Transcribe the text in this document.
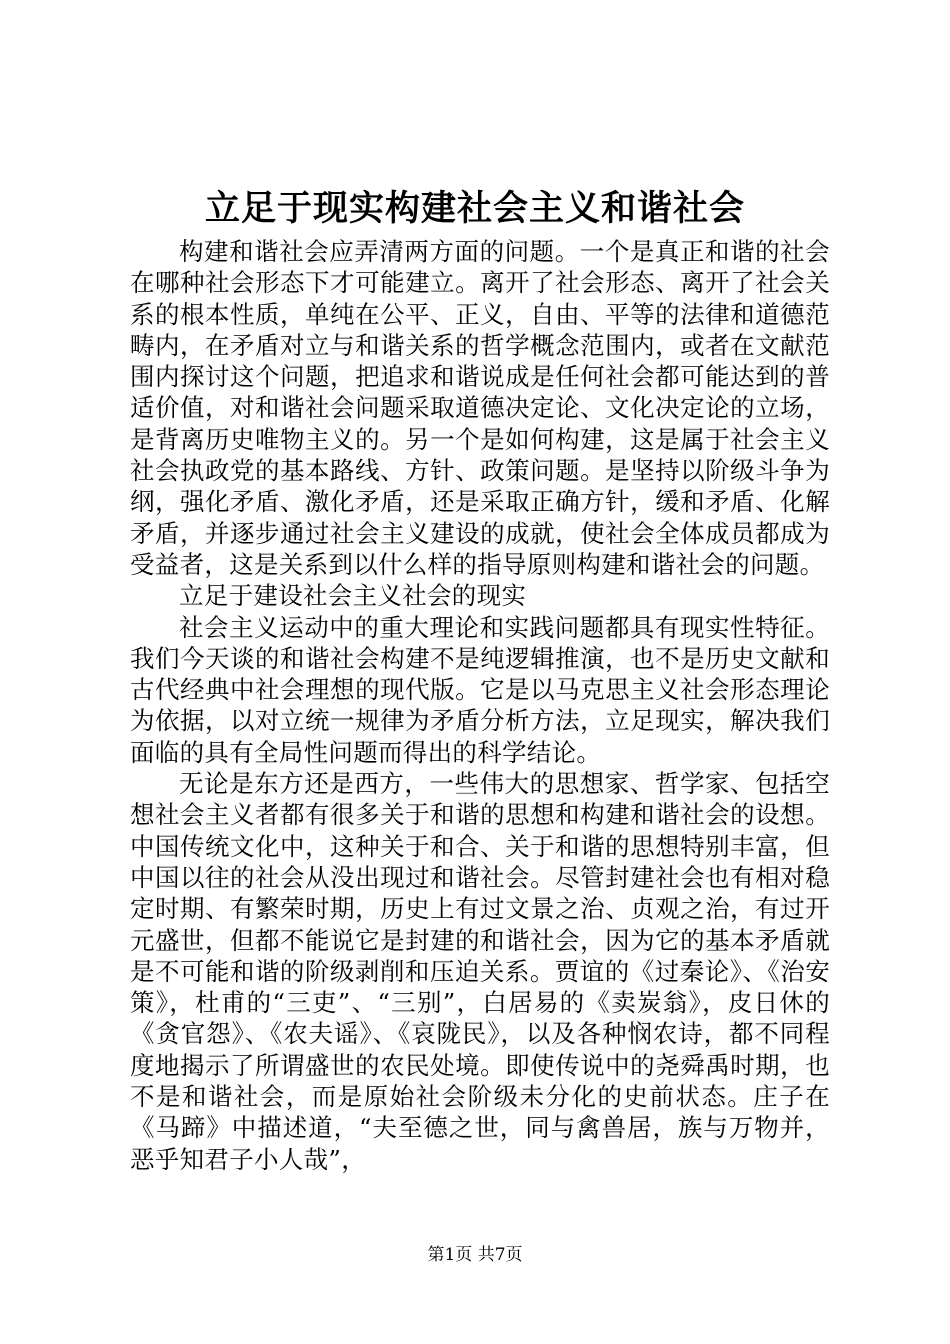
立足于现实构建社会主义和谐社会

构建和谐社会应弄清两方面的问题。一个是真正和谐的社会在哪种社会形态下才可能建立。离开了社会形态、离开了社会关系的根本性质，单纯在公平、正义，自由、平等的法律和道德范畴内，在矛盾对立与和谐关系的哲学概念范围内，或者在文献范围内探讨这个问题，把追求和谐说成是任何社会都可能达到的普适价值，对和谐社会问题采取道德决定论、文化决定论的立场，是背离历史唯物主义的。另一个是如何构建，这是属于社会主义社会执政党的基本路线、方针、政策问题。是坚持以阶级斗争为纲，强化矛盾、激化矛盾，还是采取正确方针，缓和矛盾、化解矛盾，并逐步通过社会主义建设的成就，使社会全体成员都成为受益者，这是关系到以什么样的指导原则构建和谐社会的问题。

立足于建设社会主义社会的现实

社会主义运动中的重大理论和实践问题都具有现实性特征。我们今天谈的和谐社会构建不是纯逻辑推演，也不是历史文献和古代经典中社会理想的现代版。它是以马克思主义社会形态理论为依据，以对立统一规律为矛盾分析方法，立足现实，解决我们面临的具有全局性问题而得出的科学结论。

无论是东方还是西方，一些伟大的思想家、哲学家、包括空想社会主义者都有很多关于和谐的思想和构建和谐社会的设想。中国传统文化中，这种关于和合、关于和谐的思想特别丰富，但中国以往的社会从没出现过和谐社会。尽管封建社会也有相对稳定时期、有繁荣时期，历史上有过文景之治、贞观之治，有过开元盛世，但都不能说它是封建的和谐社会，因为它的基本矛盾就是不可能和谐的阶级剥削和压迫关系。贾谊的《过秦论》、《治安策》，杜甫的“三吏”、“三别”，白居易的《卖炭翁》，皮日休的《贪官怨》、《农夫谣》、《哀陇民》，以及各种悯农诗，都不同程度地揭示了所谓盛世的农民处境。即使传说中的尧舜禹时期，也不是和谐社会，而是原始社会阶级未分化的史前状态。庄子在《马蹄》中描述道，“夫至德之世，同与禽兽居，族与万物并，恶乎知君子小人哉”，

第1页 共7页
